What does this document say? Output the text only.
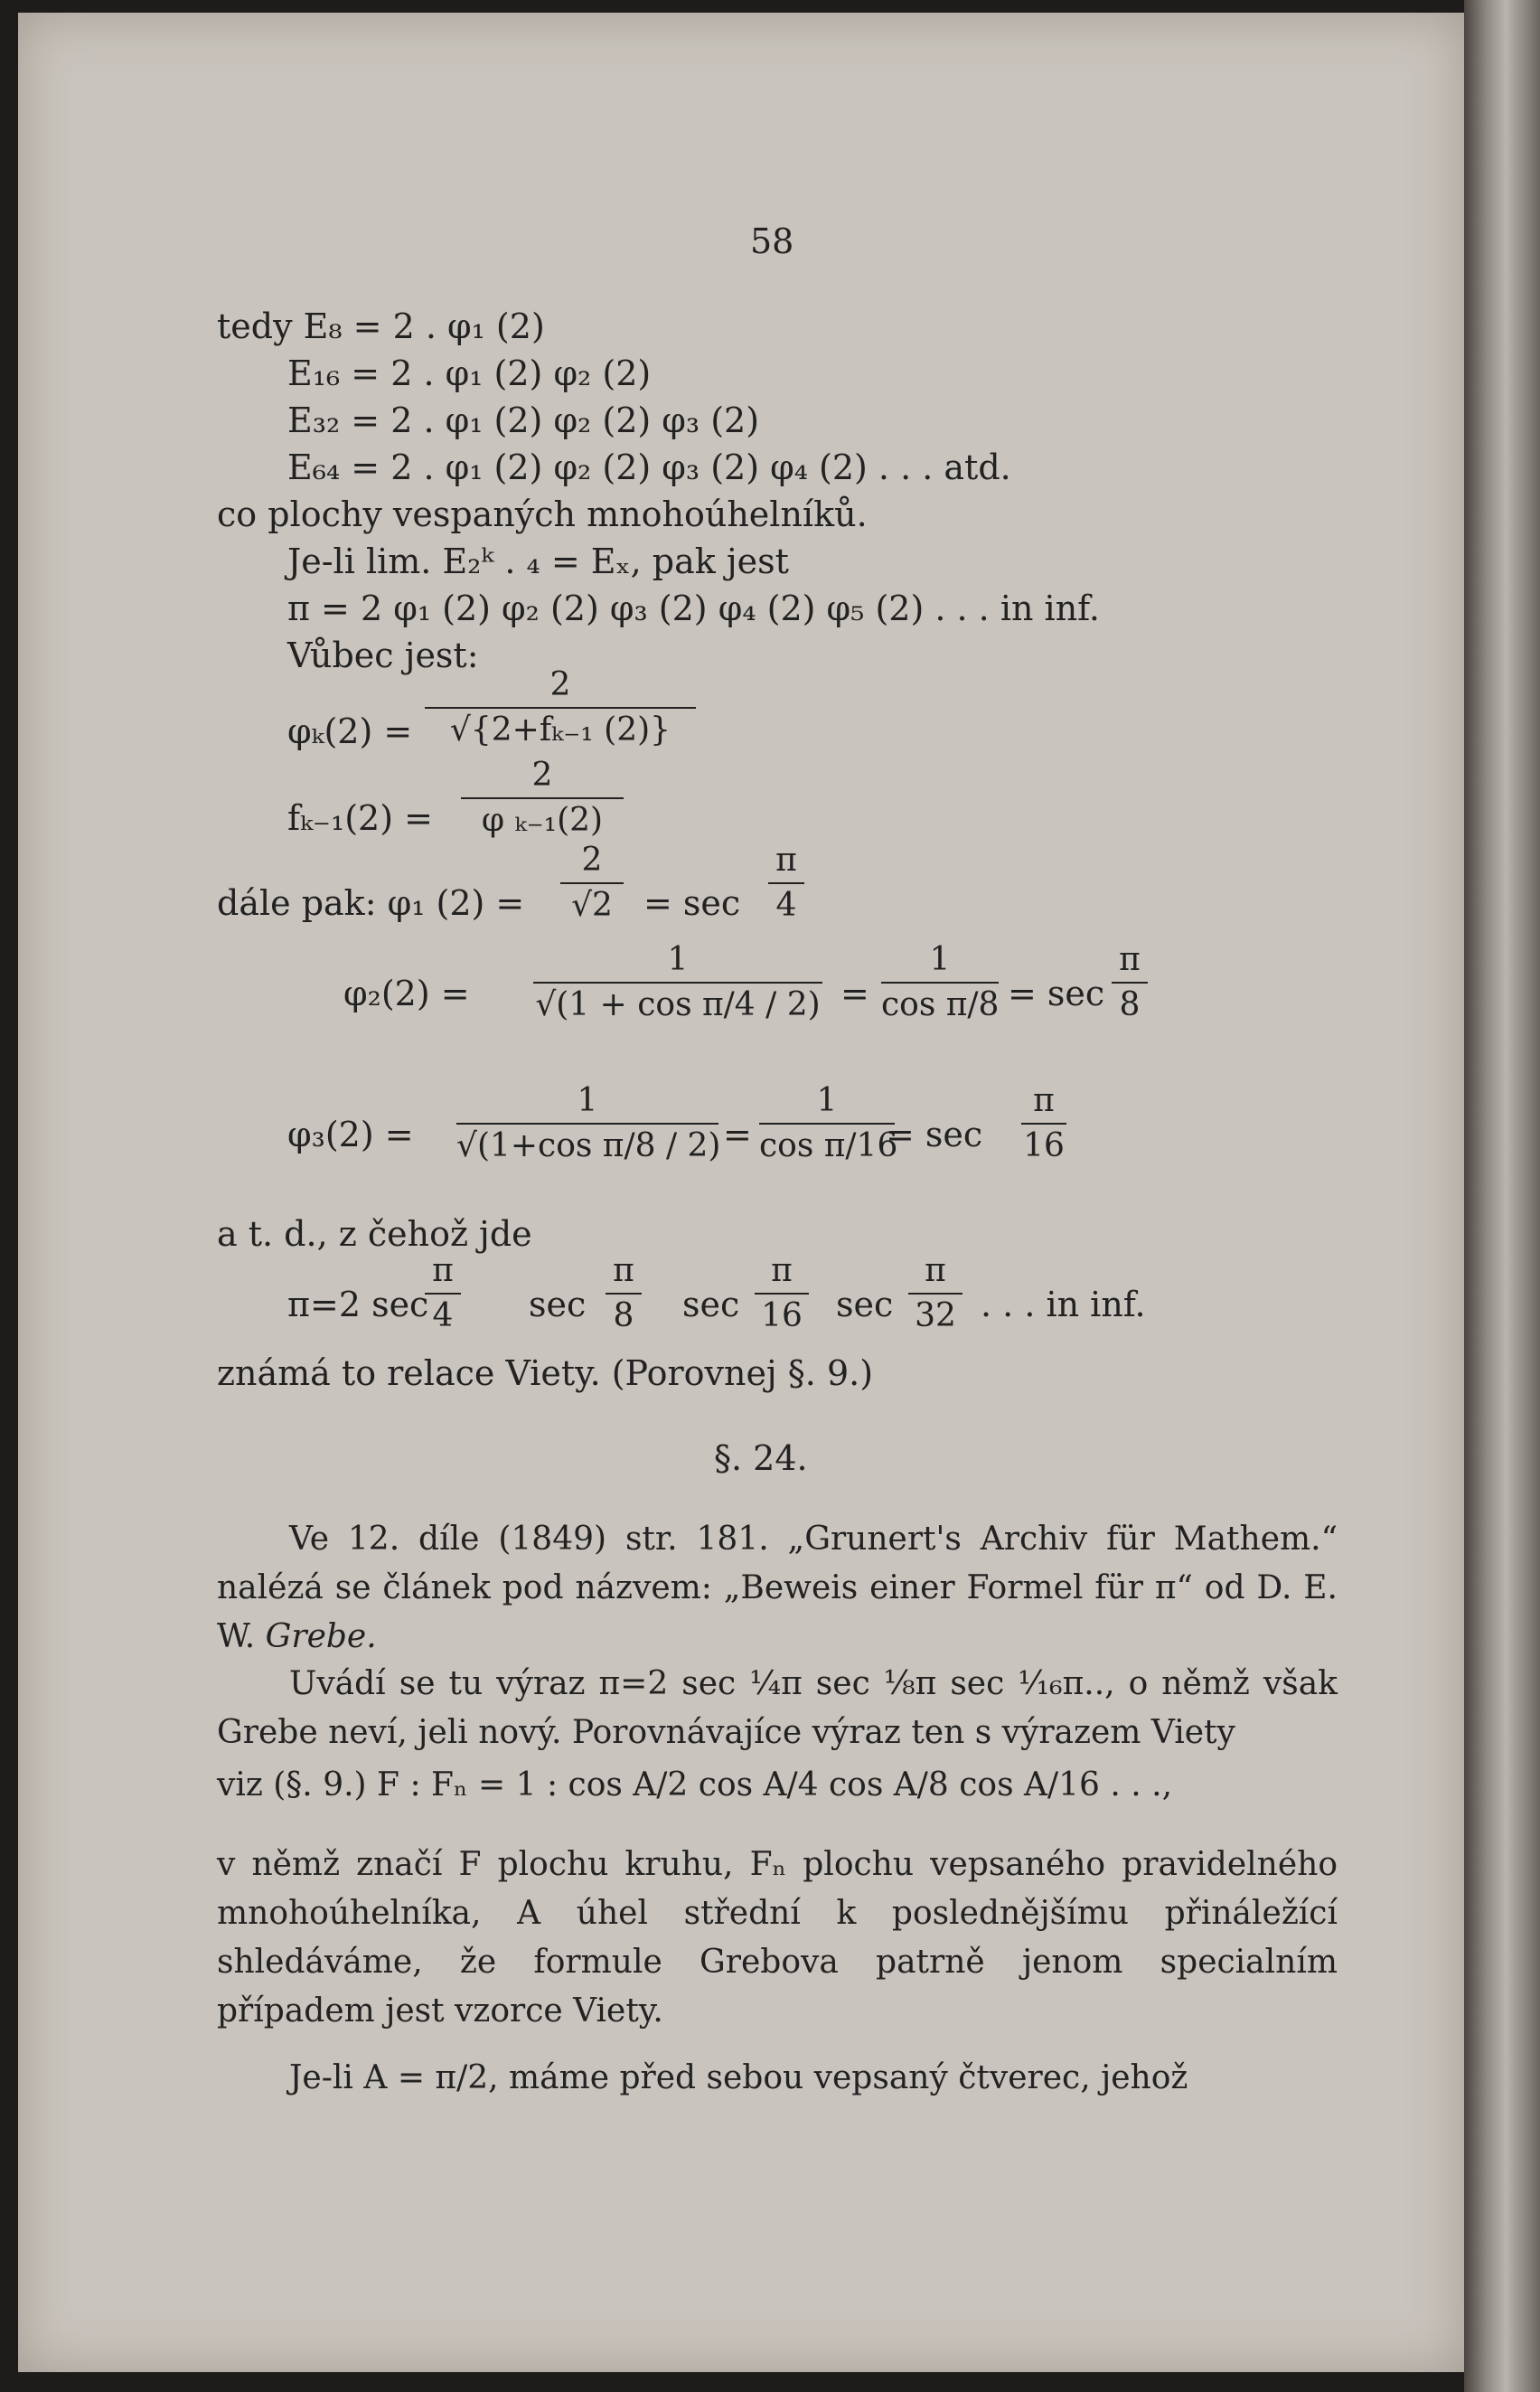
58
tedy E₈ = 2 . φ₁ (2)
E₁₆ = 2 . φ₁ (2) φ₂ (2)
E₃₂ = 2 . φ₁ (2) φ₂ (2) φ₃ (2)
E₆₄ = 2 . φ₁ (2) φ₂ (2) φ₃ (2) φ₄ (2) . . . atd.
co plochy vespaných mnohoúhelníků.
Je-li lim. E₂ᵏ . ₄ = Eₓ, pak jest
π = 2 φ₁ (2) φ₂ (2) φ₃ (2) φ₄ (2) φ₅ (2) . . . in inf.
Vůbec jest:
φₖ(2) =
2
√{2+fₖ₋₁ (2)}
fₖ₋₁(2) =
2
φ ₖ₋₁(2)
dále pak: φ₁ (2) =
2
√2 = sec
π
4
φ₂(2) =
1
√(1 + cos π/4 / 2) =
1
cos π/8 = sec
π
8
φ₃(2) =
1
√(1+cos π/8 / 2) =
1
cos π/16
= sec
π
16
a t. d., z čehož jde
π=2 sec
π
4 sec
π
8 sec
π
16 sec
π
32 . . . in inf.
známá to relace Viety. (Porovnej §. 9.)
§. 24.
Ve 12. díle (1849) str. 181. „Grunert's Archiv für Mathem.“ nalézá se článek pod názvem: „Beweis einer Formel für π“ od D. E. W. Grebe.
Uvádí se tu výraz π=2 sec ¼π sec ⅛π sec ¹⁄₁₆π.., o němž však Grebe neví, jeli nový. Porovnávajíce výraz ten s výrazem Viety
viz (§. 9.) F : Fₙ = 1 : cos A/2 cos A/4 cos A/8 cos A/16 . . .,
v němž značí F plochu kruhu, Fₙ plochu vepsaného pravidelného mnohoúhelníka, A úhel střední k poslednějšímu přináležící shledáváme, že formule Grebova patrně jenom specialním případem jest vzorce Viety.
Je-li A = π/2, máme před sebou vepsaný čtverec, jehož
